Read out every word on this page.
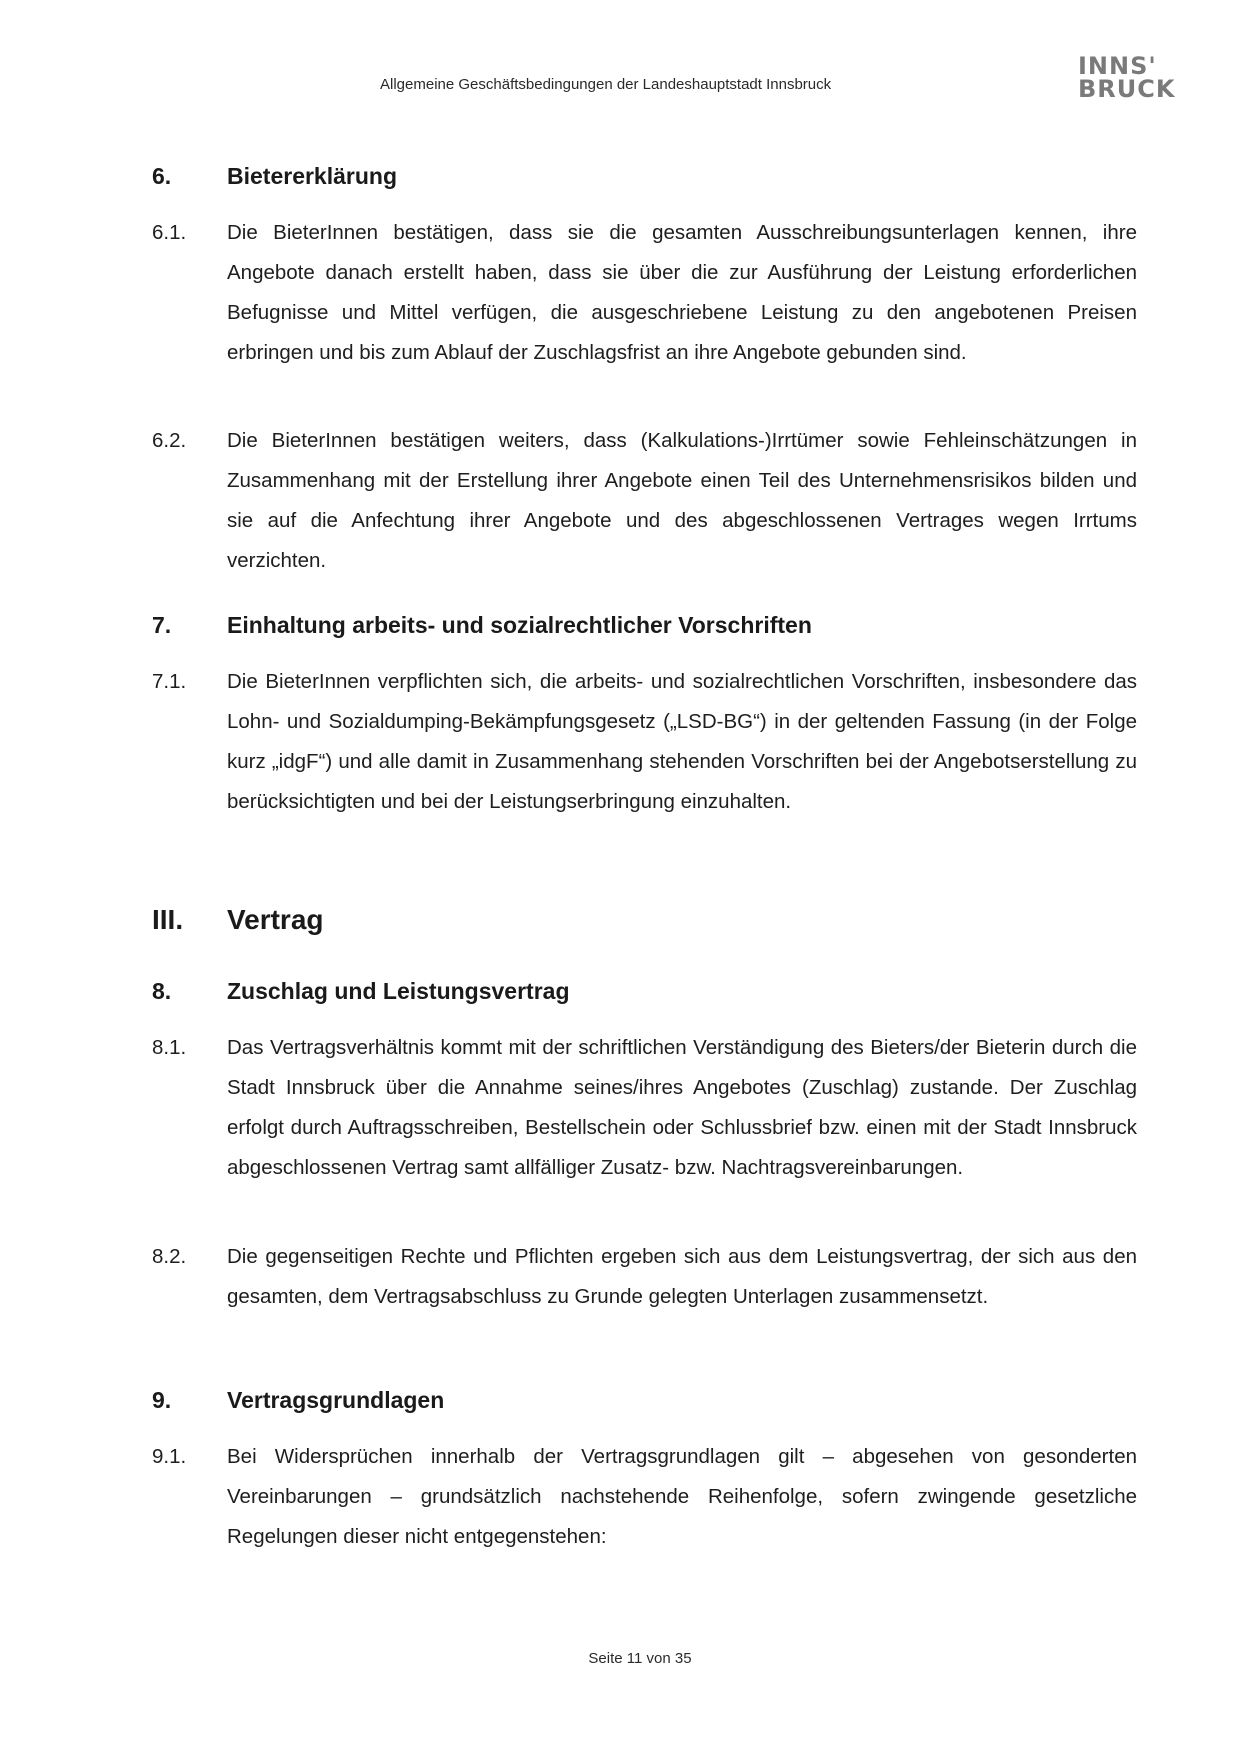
Allgemeine Geschäftsbedingungen der Landeshauptstadt Innsbruck
INNS'
BRUCK
6. Bietererklärung
6.1. Die BieterInnen bestätigen, dass sie die gesamten Ausschreibungsunterlagen kennen, ihre Angebote danach erstellt haben, dass sie über die zur Ausführung der Leistung erforderlichen Befugnisse und Mittel verfügen, die ausgeschriebene Leistung zu den angebotenen Preisen erbringen und bis zum Ablauf der Zuschlagsfrist an ihre Angebote gebunden sind.
6.2. Die BieterInnen bestätigen weiters, dass (Kalkulations-)Irrtümer sowie Fehleinschätzungen in Zusammenhang mit der Erstellung ihrer Angebote einen Teil des Unternehmensrisikos bilden und sie auf die Anfechtung ihrer Angebote und des abgeschlossenen Vertrages wegen Irrtums verzichten.
7. Einhaltung arbeits- und sozialrechtlicher Vorschriften
7.1. Die BieterInnen verpflichten sich, die arbeits- und sozialrechtlichen Vorschriften, insbesondere das Lohn- und Sozialdumping-Bekämpfungsgesetz („LSD-BG“) in der geltenden Fassung (in der Folge kurz „idgF“) und alle damit in Zusammenhang stehenden Vorschriften bei der Angebotserstellung zu berücksichtigten und bei der Leistungserbringung einzuhalten.
III. Vertrag
8. Zuschlag und Leistungsvertrag
8.1. Das Vertragsverhältnis kommt mit der schriftlichen Verständigung des Bieters/der Bieterin durch die Stadt Innsbruck über die Annahme seines/ihres Angebotes (Zuschlag) zustande. Der Zuschlag erfolgt durch Auftragsschreiben, Bestellschein oder Schlussbrief bzw. einen mit der Stadt Innsbruck abgeschlossenen Vertrag samt allfälliger Zusatz- bzw. Nachtragsvereinbarungen.
8.2. Die gegenseitigen Rechte und Pflichten ergeben sich aus dem Leistungsvertrag, der sich aus den gesamten, dem Vertragsabschluss zu Grunde gelegten Unterlagen zusammensetzt.
9. Vertragsgrundlagen
9.1. Bei Widersprüchen innerhalb der Vertragsgrundlagen gilt – abgesehen von gesonderten Vereinbarungen – grundsätzlich nachstehende Reihenfolge, sofern zwingende gesetzliche Regelungen dieser nicht entgegenstehen:
Seite 11 von 35
